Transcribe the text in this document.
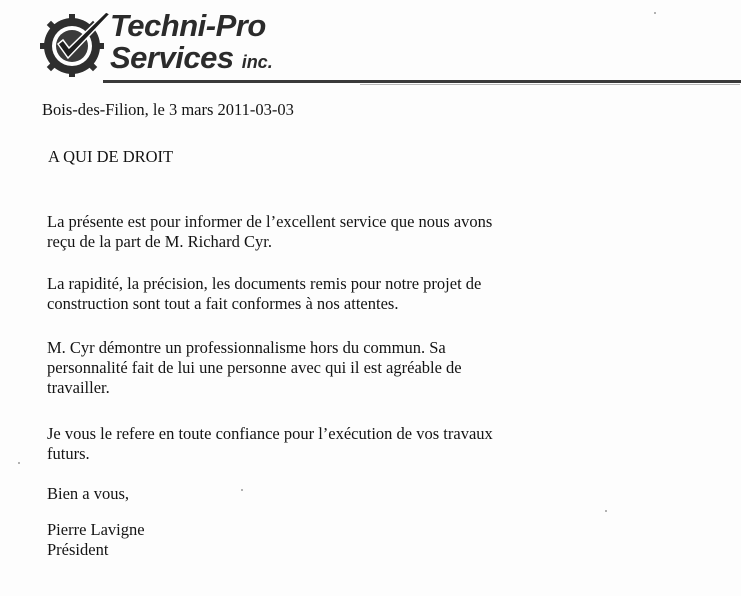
Techni-Pro
Services inc.
Bois-des-Filion, le 3 mars 2011-03-03
A QUI DE DROIT
La présente est pour informer de l’excellent service que nous avons
reçu de la part de M. Richard Cyr.
La rapidité, la précision, les documents remis pour notre projet de
construction sont tout a fait conformes à nos attentes.
M. Cyr démontre un professionnalisme hors du commun. Sa
personnalité fait de lui une personne avec qui il est agréable de
travailler.
Je vous le refere en toute confiance pour l’exécution de vos travaux
futurs.
Bien a vous,
Pierre Lavigne
Président
